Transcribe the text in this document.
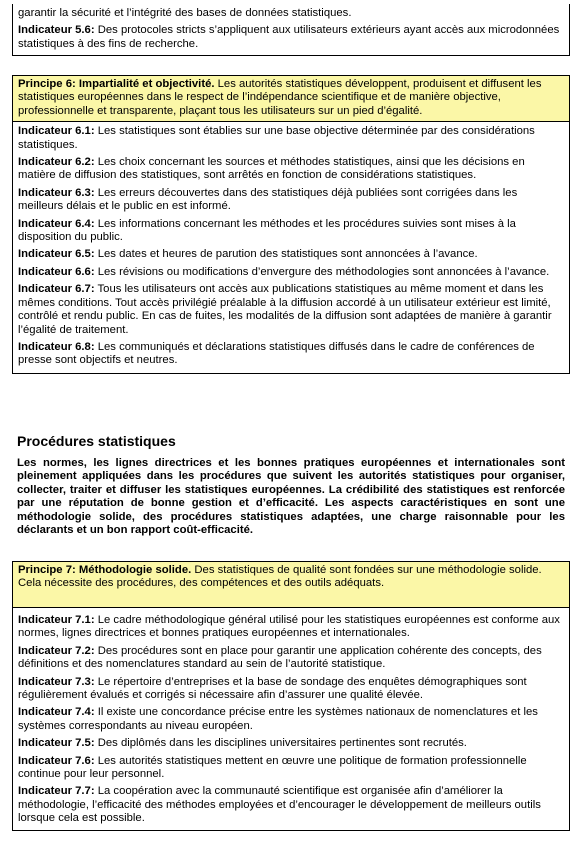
garantir la sécurité et l’intégrité des bases de données statistiques.
Indicateur 5.6: Des protocoles stricts s’appliquent aux utilisateurs extérieurs ayant accès aux microdonnées statistiques à des fins de recherche.
Principe 6: Impartialité et objectivité. Les autorités statistiques développent, produisent et diffusent les statistiques européennes dans le respect de l’indépendance scientifique et de manière objective, professionnelle et transparente, plaçant tous les utilisateurs sur un pied d’égalité.
Indicateur 6.1: Les statistiques sont établies sur une base objective déterminée par des considérations statistiques.
Indicateur 6.2: Les choix concernant les sources et méthodes statistiques, ainsi que les décisions en matière de diffusion des statistiques, sont arrêtés en fonction de considérations statistiques.
Indicateur 6.3: Les erreurs découvertes dans des statistiques déjà publiées sont corrigées dans les meilleurs délais et le public en est informé.
Indicateur 6.4: Les informations concernant les méthodes et les procédures suivies sont mises à la disposition du public.
Indicateur 6.5: Les dates et heures de parution des statistiques sont annoncées à l’avance.
Indicateur 6.6: Les révisions ou modifications d’envergure des méthodologies sont annoncées à l’avance.
Indicateur 6.7: Tous les utilisateurs ont accès aux publications statistiques au même moment et dans les mêmes conditions. Tout accès privilégié préalable à la diffusion accordé à un utilisateur extérieur est limité, contrôlé et rendu public. En cas de fuites, les modalités de la diffusion sont adaptées de manière à garantir l’égalité de traitement.
Indicateur 6.8: Les communiqués et déclarations statistiques diffusés dans le cadre de conférences de presse sont objectifs et neutres.
Procédures statistiques

Les normes, les lignes directrices et les bonnes pratiques européennes et internationales sont pleinement appliquées dans les procédures que suivent les autorités statistiques pour organiser, collecter, traiter et diffuser les statistiques européennes. La crédibilité des statistiques est renforcée par une réputation de bonne gestion et d’efficacité. Les aspects caractéristiques en sont une méthodologie solide, des procédures statistiques adaptées, une charge raisonnable pour les déclarants et un bon rapport coût-efficacité.

Principe 7: Méthodologie solide. Des statistiques de qualité sont fondées sur une méthodologie solide. Cela nécessite des procédures, des compétences et des outils adéquats.
Indicateur 7.1: Le cadre méthodologique général utilisé pour les statistiques européennes est conforme aux normes, lignes directrices et bonnes pratiques européennes et internationales.
Indicateur 7.2: Des procédures sont en place pour garantir une application cohérente des concepts, des définitions et des nomenclatures standard au sein de l’autorité statistique.
Indicateur 7.3: Le répertoire d’entreprises et la base de sondage des enquêtes démographiques sont régulièrement évalués et corrigés si nécessaire afin d’assurer une qualité élevée.
Indicateur 7.4: Il existe une concordance précise entre les systèmes nationaux de nomenclatures et les systèmes correspondants au niveau européen.
Indicateur 7.5: Des diplômés dans les disciplines universitaires pertinentes sont recrutés.
Indicateur 7.6: Les autorités statistiques mettent en œuvre une politique de formation professionnelle continue pour leur personnel.
Indicateur 7.7: La coopération avec la communauté scientifique est organisée afin d’améliorer la méthodologie, l’efficacité des méthodes employées et d’encourager le développement de meilleurs outils lorsque cela est possible.
